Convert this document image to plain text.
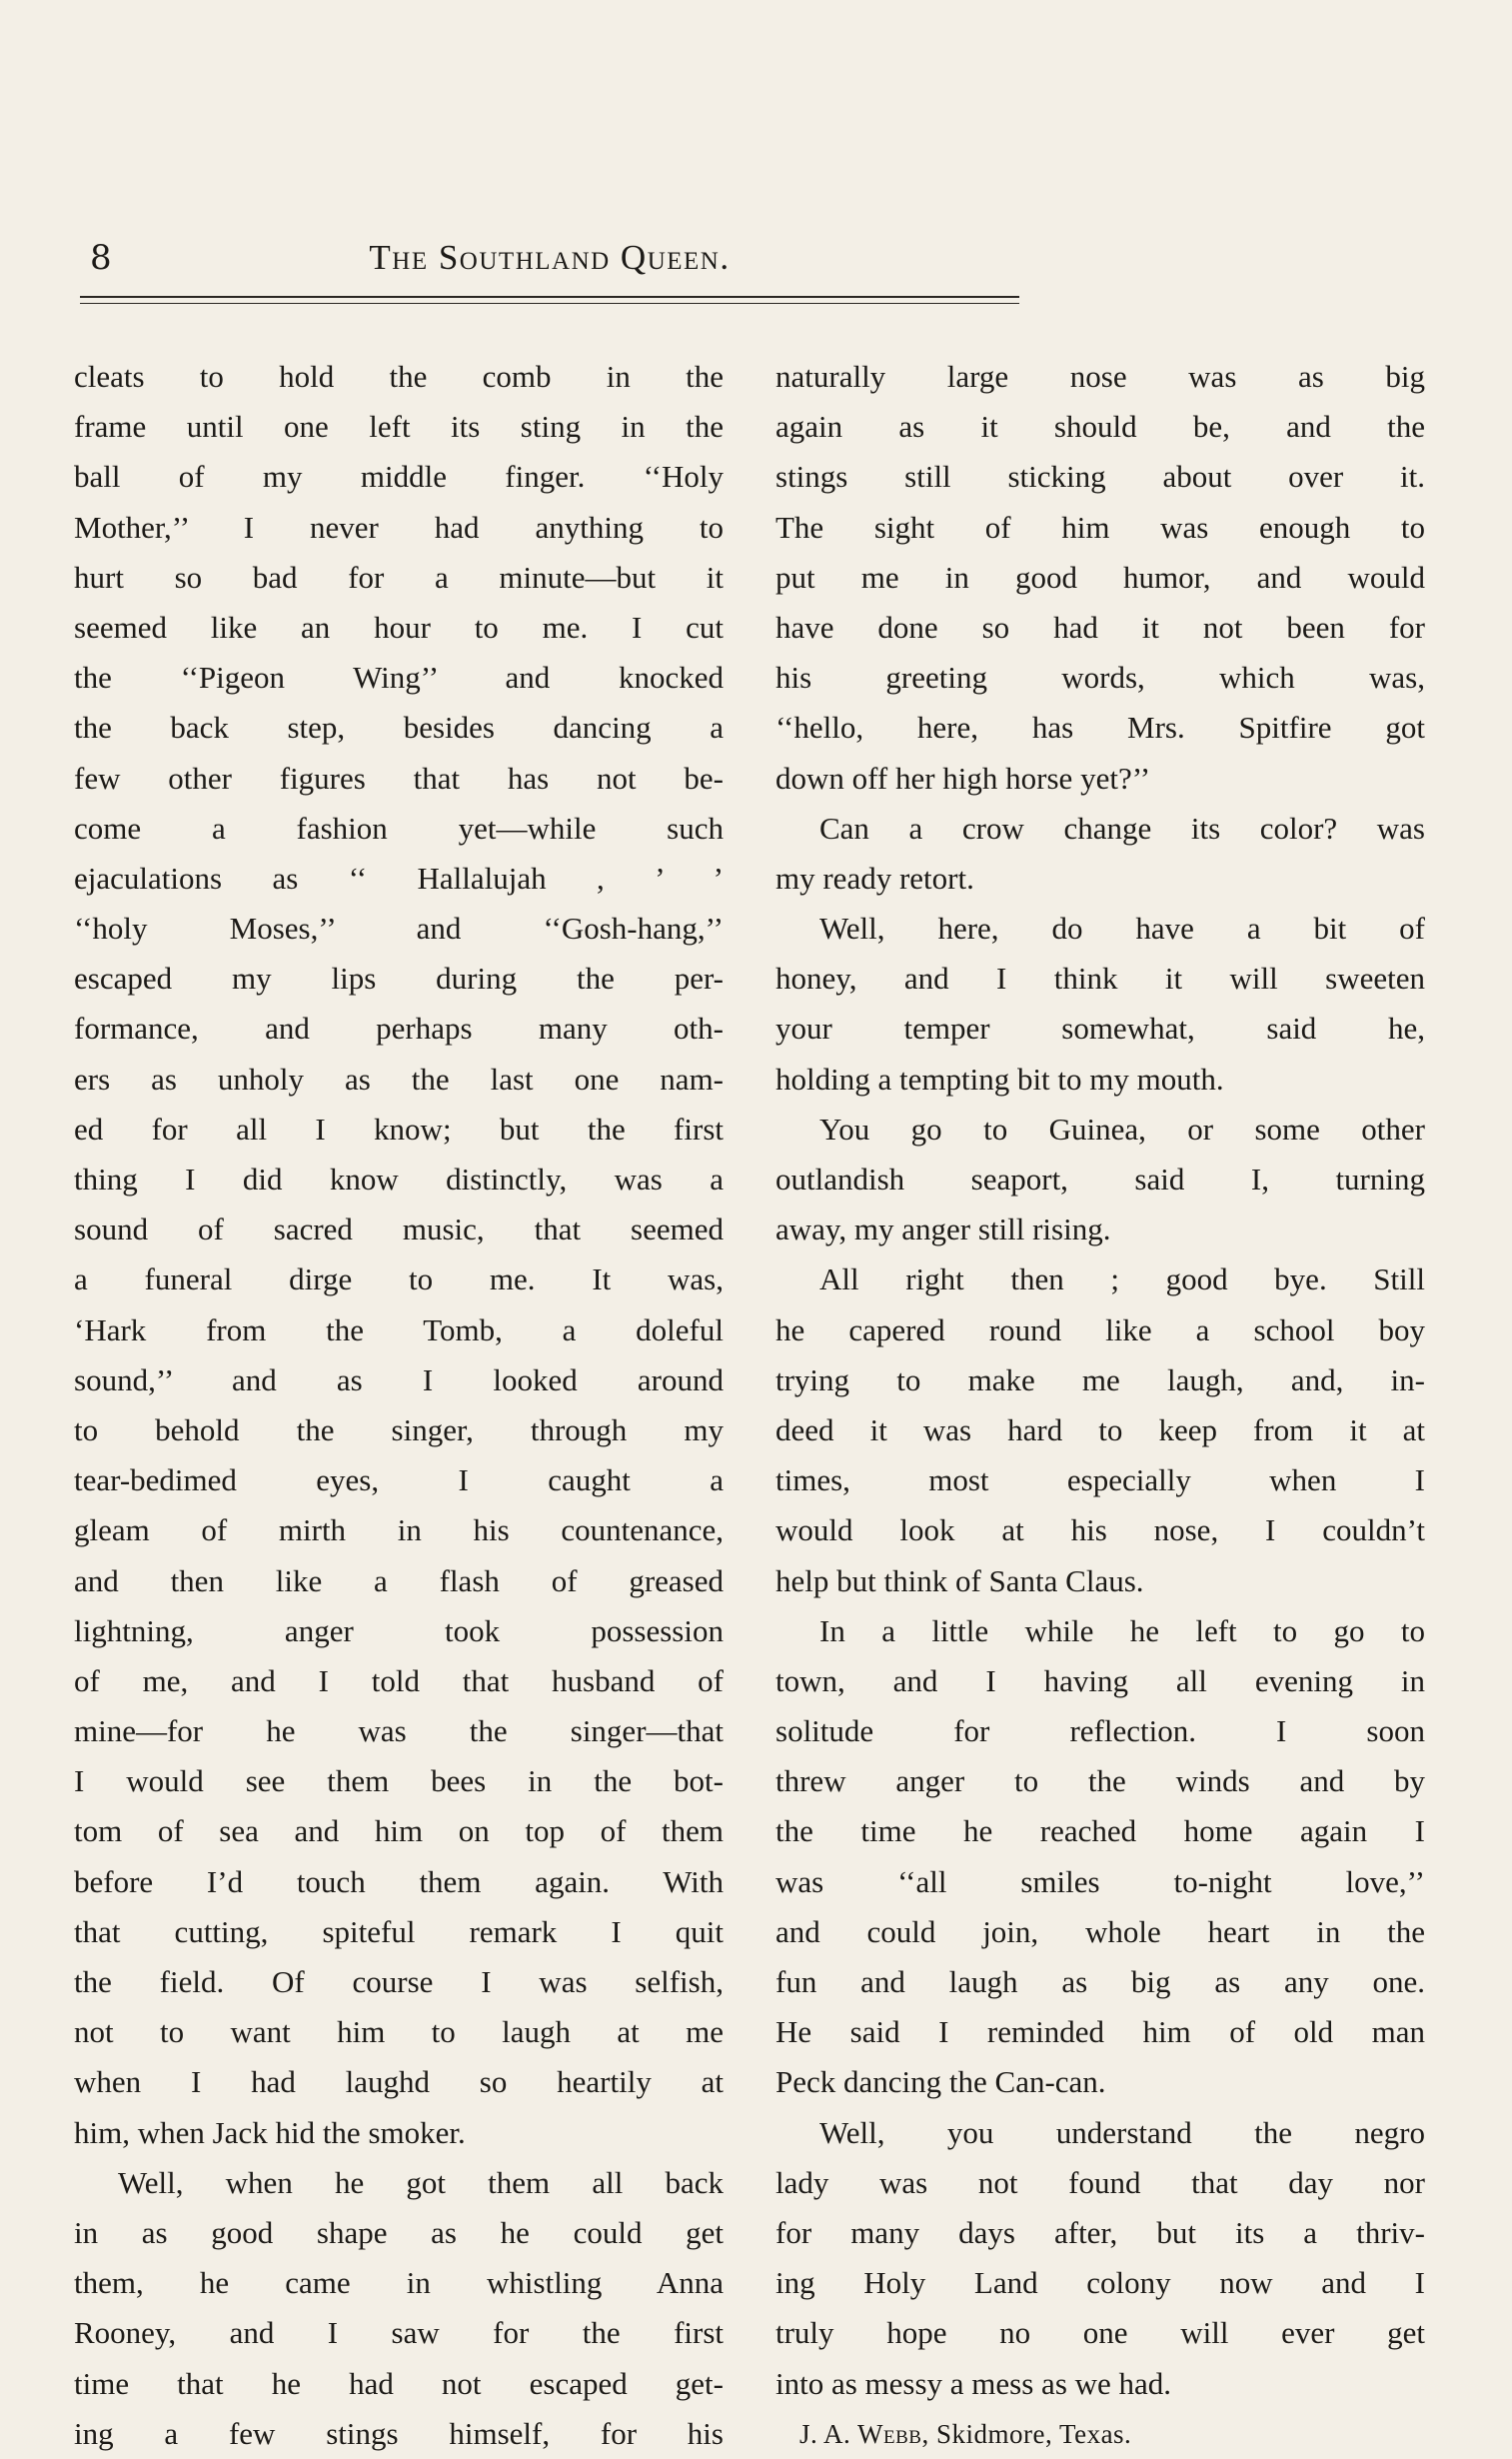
8	The Southland Queen.
cleats to hold the comb in the
frame until one left its sting in the
ball of my middle finger. ‘‘Holy
Mother,’’ I never had anything to
hurt so bad for a minute—but it
seemed like an hour to me. I cut
the ‘‘Pigeon Wing’’ and knocked
the back step, besides dancing a
few other figures that has not be-
come a fashion yet—while such
ejaculations as ‘‘ Hallalujah , ’ ’
‘‘holy Moses,’’ and ‘‘Gosh-hang,’’
escaped my lips during the per-
formance, and perhaps many oth-
ers as unholy as the last one nam-
ed for all I know; but the first
thing I did know distinctly, was a
sound of sacred music, that seemed
a funeral dirge to me. It was,
‘Hark from the Tomb, a doleful
sound,’’ and as I looked around
to behold the singer, through my
tear-bedimed eyes, I caught a
gleam of mirth in his countenance,
and then like a flash of greased
lightning, anger took possession
of me, and I told that husband of
mine—for he was the singer—that
I would see them bees in the bot-
tom of sea and him on top of them
before I’d touch them again. With
that cutting, spiteful remark I quit
the field. Of course I was selfish,
not to want him to laugh at me
when I had laughd so heartily at
him, when Jack hid the smoker.
Well, when he got them all back
in as good shape as he could get
them, he came in whistling Anna
Rooney, and I saw for the first
time that he had not escaped get-
ing a few stings himself, for his
naturally large nose was as big
again as it should be, and the
stings still sticking about over it.
The sight of him was enough to
put me in good humor, and would
have done so had it not been for
his greeting words, which was,
‘‘hello, here, has Mrs. Spitfire got
down off her high horse yet?’’
Can a crow change its color? was
my ready retort.
Well, here, do have a bit of
honey, and I think it will sweeten
your temper somewhat, said he,
holding a tempting bit to my mouth.
You go to Guinea, or some other
outlandish seaport, said I, turning
away, my anger still rising.
All right then ; good bye. Still
he capered round like a school boy
trying to make me laugh, and, in-
deed it was hard to keep from it at
times, most especially when I
would look at his nose, I couldn’t
help but think of Santa Claus.
In a little while he left to go to
town, and I having all evening in
solitude for reflection. I soon
threw anger to the winds and by
the time he reached home again I
was ‘‘all smiles to-night love,’’
and could join, whole heart in the
fun and laugh as big as any one.
He said I reminded him of old man
Peck dancing the Can-can.
Well, you understand the negro
lady was not found that day nor
for many days after, but its a thriv-
ing Holy Land colony now and I
truly hope no one will ever get
into as messy a mess as we had.
J. A. Webb, Skidmore, Texas.
